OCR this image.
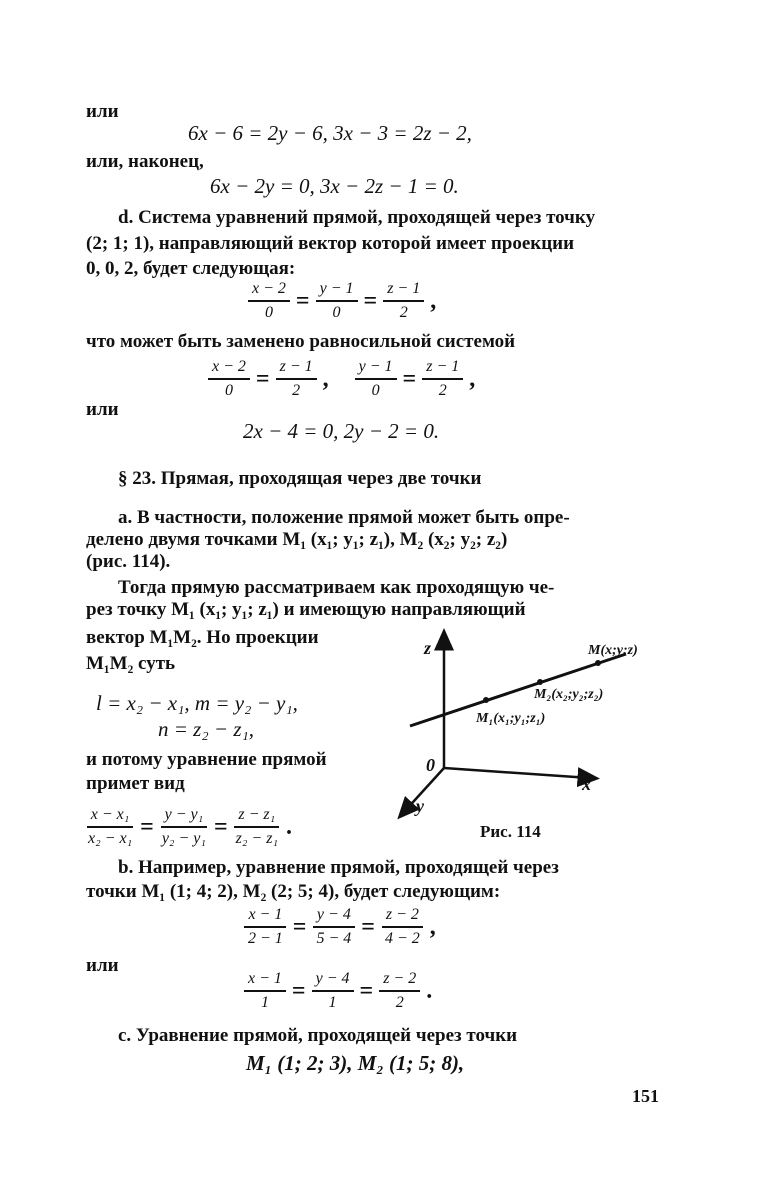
или
6x − 6 = 2y − 6, 3x − 3 = 2z − 2,
или, наконец,
6x − 2y = 0, 3x − 2z − 1 = 0.
d. Система уравнений прямой, проходящей через точку
(2; 1; 1), направляющий вектор которой имеет проекции
0, 0, 2, будет следующая:
$\frac{x - 2}{0} = \frac{y - 1}{0} = \frac{z - 1}{2}$ ,
что может быть заменено равносильной системой
$\frac{x - 2}{0} = \frac{z - 1}{2}$ , $\frac{y - 1}{0} = \frac{z - 1}{2}$ ,
или
2x − 4 = 0, 2y − 2 = 0.
§ 23. Прямая, проходящая через две точки
a. В частности, положение прямой может быть опре-
делено двумя точками M₁ (x₁; y₁; z₁), M₂ (x₂; y₂; z₂)
(рис. 114).
Тогда прямую рассматриваем как проходящую че-
рез точку M₁ (x₁; y₁; z₁) и имеющую направляющий
вектор M₁M₂. Но проекции
M₁M₂ суть
l = x₂ − x₁, m = y₂ − y₁,
n = z₂ − z₁,
и потому уравнение прямой
примет вид
$\frac{\text{x − x₁}}{\text{x₂ − x₁}} = \frac{\text{y − y₁}}{\text{y₂ − y₁}} = \frac{\text{z − z₁}}{\text{z₂ − z₁}}$ .
z
0
x
y
M(x;y;z)
M₂(x₂;y₂;z₂)
M₁(x₁;y₁;z₁)
Рис. 114
b. Например, уравнение прямой, проходящей через
точки M₁ (1; 4; 2), M₂ (2; 5; 4), будет следующим:
$\frac{x - 1}{2 - 1} = \frac{y - 4}{5 - 4} = \frac{z - 2}{4 - 2}$ ,
или
$\frac{x - 1}{1} = \frac{y - 4}{1} = \frac{z - 2}{2}$ .
c. Уравнение прямой, проходящей через точки
M₁ (1; 2; 3), M₂ (1; 5; 8),
151
